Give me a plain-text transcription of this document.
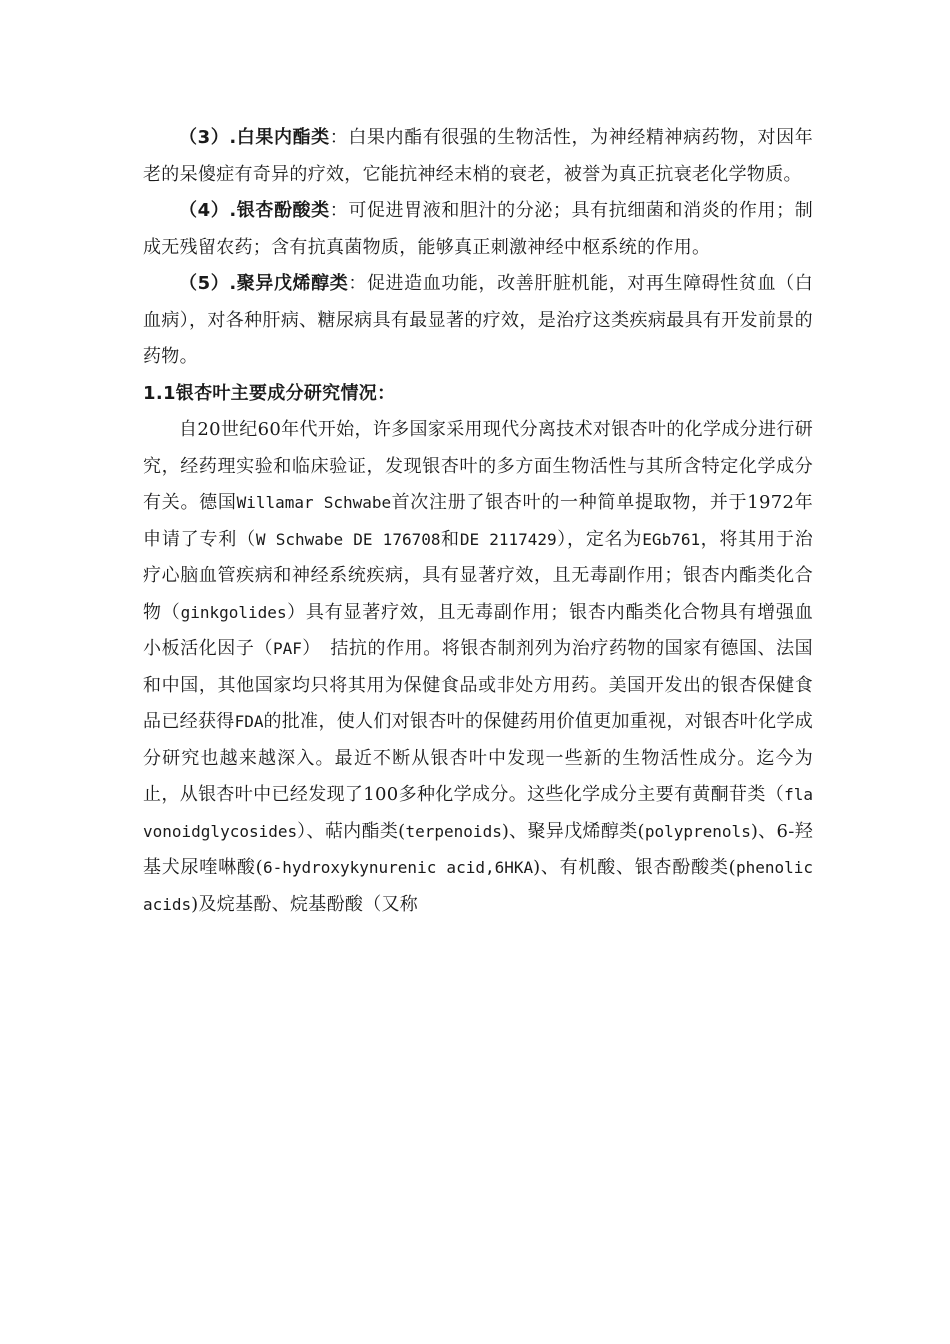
（3）.白果内酯类：白果内酯有很强的生物活性，为神经精神病药物，对因年老的呆傻症有奇异的疗效，它能抗神经末梢的衰老，被誉为真正抗衰老化学物质。

（4）.银杏酚酸类：可促进胃液和胆汁的分泌；具有抗细菌和消炎的作用；制成无残留农药；含有抗真菌物质，能够真正刺激神经中枢系统的作用。

（5）.聚异戊烯醇类：促进造血功能，改善肝脏机能，对再生障碍性贫血（白血病），对各种肝病、糖尿病具有最显著的疗效，是治疗这类疾病最具有开发前景的药物。

1.1银杏叶主要成分研究情况：

自20世纪60年代开始，许多国家采用现代分离技术对银杏叶的化学成分进行研究，经药理实验和临床验证，发现银杏叶的多方面生物活性与其所含特定化学成分有关。德国Willamar Schwabe首次注册了银杏叶的一种简单提取物，并于1972年申请了专利（W Schwabe DE 176708和DE 2117429），定名为EGb761，将其用于治疗心脑血管疾病和神经系统疾病，具有显著疗效，且无毒副作用；银杏内酯类化合物（ginkgolides）具有显著疗效，且无毒副作用；银杏内酯类化合物具有增强血小板活化因子（PAF）　拮抗的作用。将银杏制剂列为治疗药物的国家有德国、法国和中国，其他国家均只将其用为保健食品或非处方用药。美国开发出的银杏保健食品已经获得FDA的批准，使人们对银杏叶的保健药用价值更加重视，对银杏叶化学成分研究也越来越深入。最近不断从银杏叶中发现一些新的生物活性成分。迄今为止，从银杏叶中已经发现了100多种化学成分。这些化学成分主要有黄酮苷类（flavonoidglycosides）、萜内酯类(terpenoids)、聚异戊烯醇类(polyprenols)、6-羟基犬尿喹啉酸(6-hydroxykynurenic acid,6HKA)、有机酸、银杏酚酸类(phenolic acids)及烷基酚、烷基酚酸（又称
